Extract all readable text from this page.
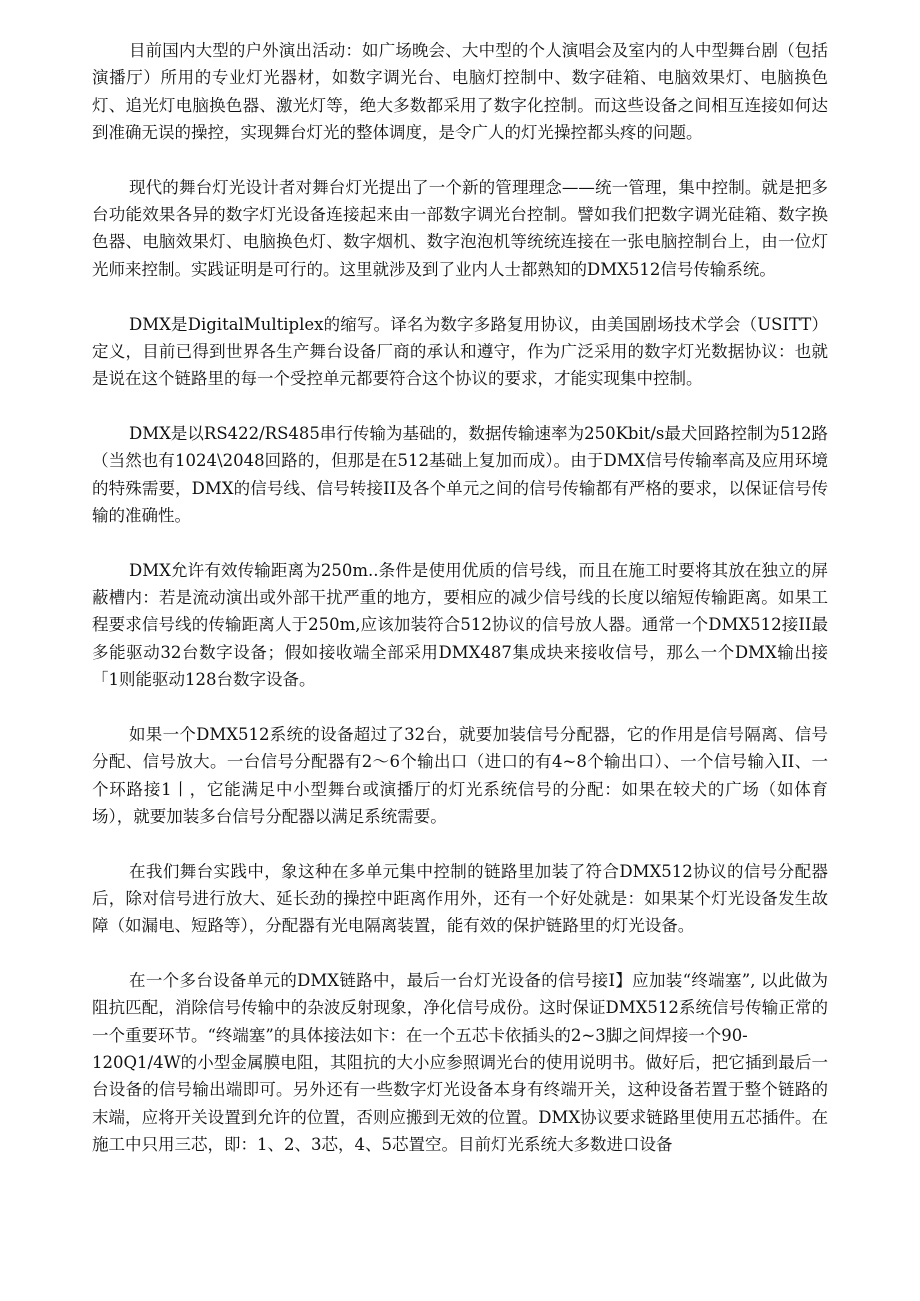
目前国内大型的户外演出活动：如广场晚会、大中型的个人演唱会及室内的人中型舞台剧（包括演播厅）所用的专业灯光器材，如数字调光台、电脑灯控制中、数字硅箱、电脑效果灯、电脑换色灯、追光灯电脑换色器、激光灯等，绝大多数都采用了数字化控制。而这些设备之间相互连接如何达到准确无误的操控，实现舞台灯光的整体调度，是令广人的灯光操控都头疼的问题。

现代的舞台灯光设计者对舞台灯光提出了一个新的管理理念——统一管理，集中控制。就是把多台功能效果各异的数字灯光设备连接起来由一部数字调光台控制。譬如我们把数字调光硅箱、数字换色器、电脑效果灯、电脑换色灯、数字烟机、数字泡泡机等统统连接在一张电脑控制台上，由一位灯光师来控制。实践证明是可行的。这里就涉及到了业内人士都熟知的DMX512信号传输系统。

DMX是DigitalMultiplex的缩写。译名为数字多路复用协议，由美国剧场技术学会（USITT）定义，目前已得到世界各生产舞台设备厂商的承认和遵守，作为广泛采用的数字灯光数据协议：也就是说在这个链路里的每一个受控单元都要符合这个协议的要求，才能实现集中控制。

DMX是以RS422/RS485串行传输为基础的，数据传输速率为250Kbit/s最犬回路控制为512路（当然也有1024\2048回路的，但那是在512基础上复加而成）。由于DMX信号传输率高及应用环境的特殊需要，DMX的信号线、信号转接II及各个单元之间的信号传输都有严格的要求，以保证信号传输的准确性。

DMX允许有效传输距离为250m..条件是使用优质的信号线，而且在施工时要将其放在独立的屏蔽槽内：若是流动演出或外部干扰严重的地方，要相应的减少信号线的长度以缩短传输距离。如果工程要求信号线的传输距离人于250m,应该加装符合512协议的信号放人器。通常一个DMX512接II最多能驱动32台数字设备；假如接收端全部采用DMX487集成块来接收信号，那么一个DMX输出接「1则能驱动128台数字设备。

如果一个DMX512系统的设备超过了32台，就要加装信号分配器，它的作用是信号隔离、信号分配、信号放大。一台信号分配器有2～6个输出口（进口的有4~8个输出口）、一个信号输入II、一个环路接1丨，它能满足中小型舞台或演播厅的灯光系统信号的分配：如果在较犬的广场（如体育场），就要加装多台信号分配器以满足系统需要。

在我们舞台实践中，象这种在多单元集中控制的链路里加装了符合DMX512协议的信号分配器后，除对信号进行放大、延长劲的操控中距离作用外，还有一个好处就是：如果某个灯光设备发生故障（如漏电、短路等），分配器有光电隔离装置，能有效的保护链路里的灯光设备。

在一个多台设备单元的DMX链路中，最后一台灯光设备的信号接I】应加装“终端塞”, 以此做为阻抗匹配，消除信号传输中的杂波反射现象，净化信号成份。这时保证DMX512系统信号传输正常的一个重要环节。“终端塞”的具体接法如卞：在一个五芯卡依插头的2~3脚之间焊接一个90-
120Q1/4W的小型金属膜电阻，其阻抗的大小应参照调光台的使用说明书。做好后，把它插到最后一台设备的信号输出端即可。另外还有一些数字灯光设备本身有终端开关，这种设备若置于整个链路的末端，应将开关设置到允许的位置，否则应搬到无效的位置。DMX协议要求链路里使用五芯插件。在施工中只用三芯，即：1、2、3芯，4、5芯置空。目前灯光系统大多数进口设备
